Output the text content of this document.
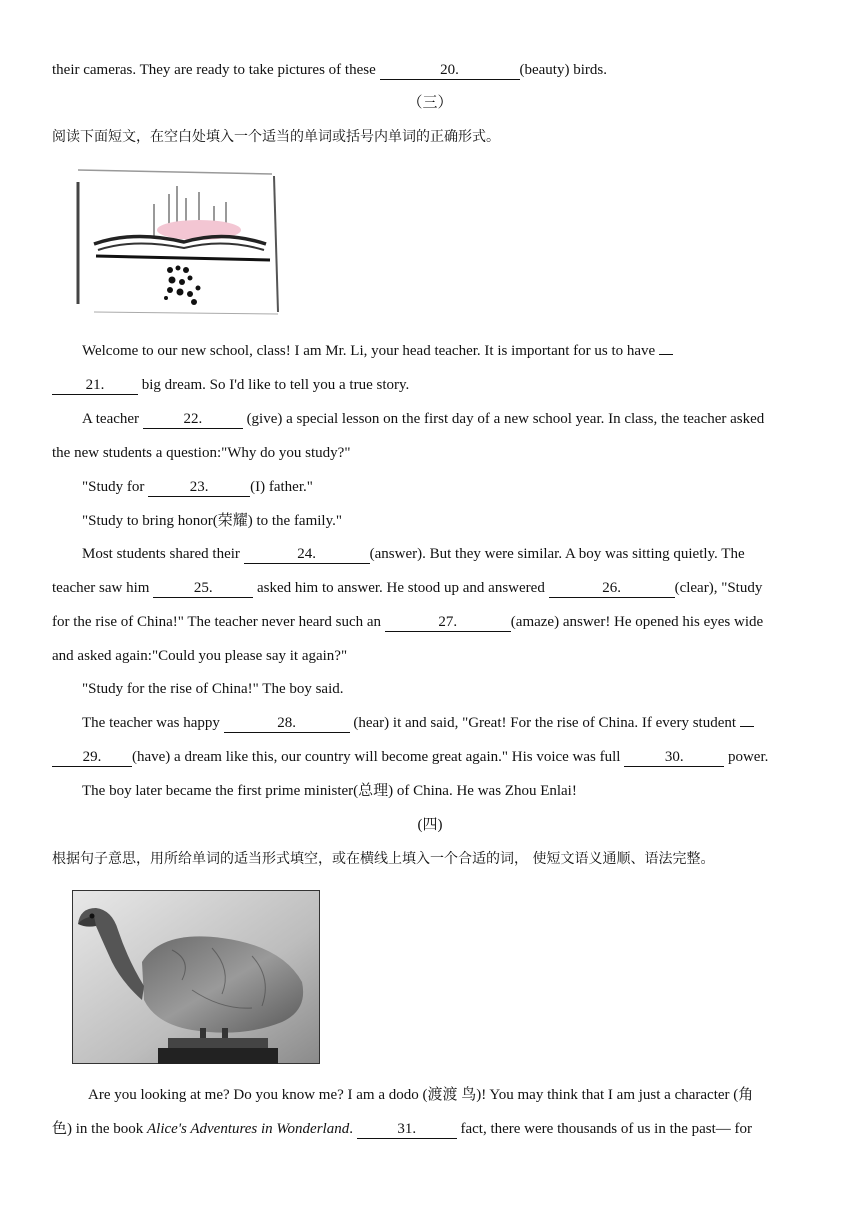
their cameras. They are ready to take pictures of these	20.	(beauty) birds.
（三）
阅读下面短文，在空白处填入一个适当的单词或括号内单词的正确形式。
Welcome to our new school, class! I am Mr. Li, your head teacher. It is important for us to have
21. big dream. So I'd like to tell you a true story.
A teacher	22.	(give) a special lesson on the first day of a new school year. In class, the teacher asked
the new students a question:"Why do you study?"
"Study for	23.	(I) father."
"Study to bring honor(荣耀) to the family."
Most students shared their	24.	(answer). But they were similar. A boy was sitting quietly. The
teacher saw him	25.	asked him to answer. He stood up and answered	26.	(clear), "Study
for the rise of China!" The teacher never heard such an	27.	(amaze) answer! He opened his eyes wide
and asked again:"Could you please say it again?"
"Study for the rise of China!" The boy said.
The teacher was happy	28.	(hear) it and said, "Great! For the rise of China. If every student
29. (have) a dream like this, our country will become great again." His voice was full	30.	power.
The boy later became the first prime minister(总理) of China. He was Zhou Enlai!
(四)
根据句子意思，用所给单词的适当形式填空，或在横线上填入一个合适的词， 使短文语义通顺、语法完整。
Are you looking at me? Do you know me? I am a dodo (渡渡 鸟)! You may think that I am just a character (角
色) in the book Alice's Adventures in Wonderland.	31.	fact, there were thousands of us in the past— for
